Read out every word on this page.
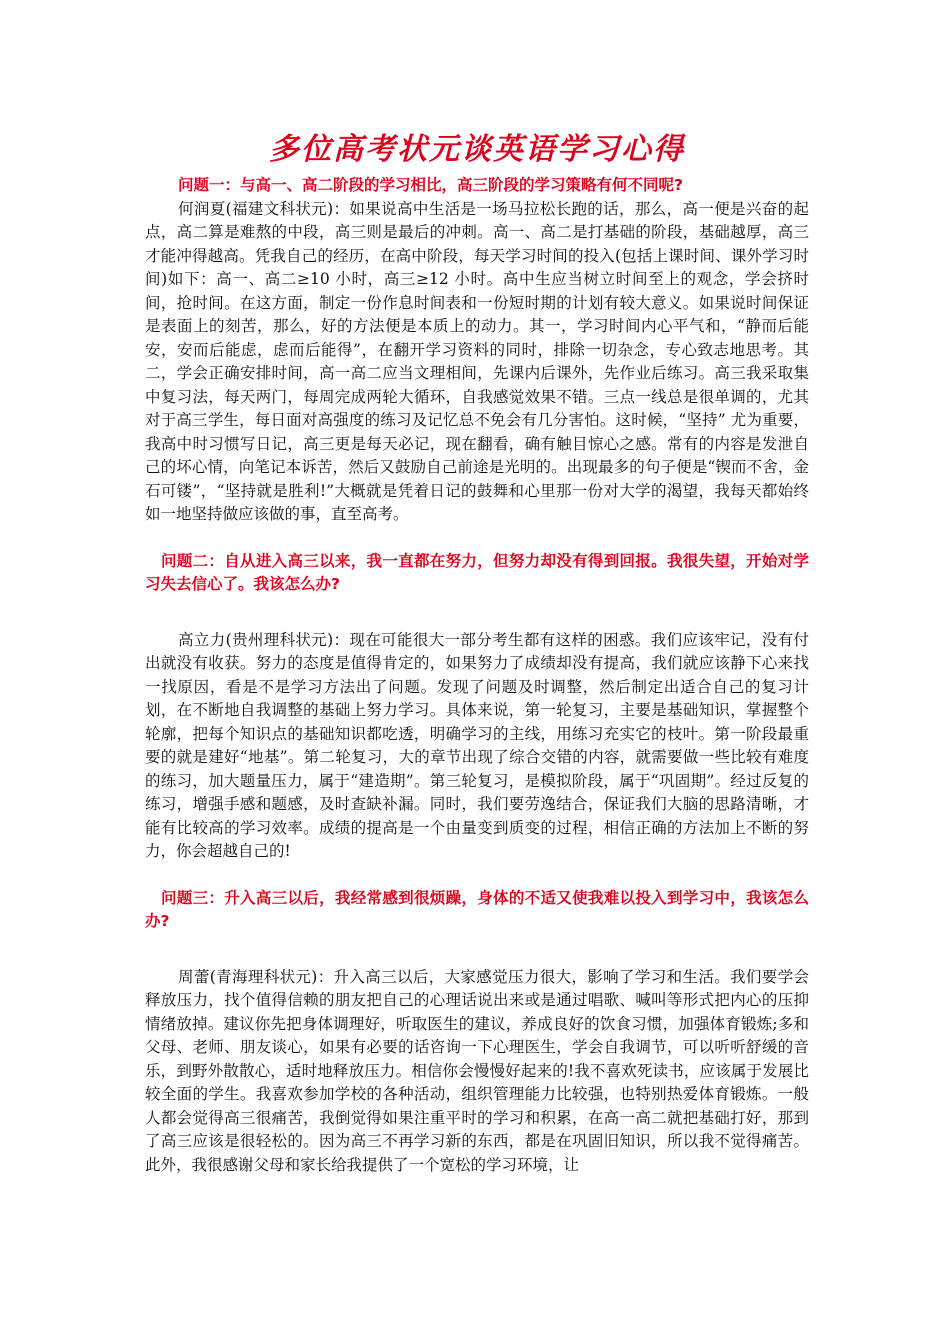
多位高考状元谈英语学习心得

问题一：与高一、高二阶段的学习相比，高三阶段的学习策略有何不同呢?

何润夏(福建文科状元)：如果说高中生活是一场马拉松长跑的话，那么，高一便是兴奋的起点，高二算是难熬的中段，高三则是最后的冲刺。高一、高二是打基础的阶段，基础越厚，高三才能冲得越高。凭我自己的经历，在高中阶段，每天学习时间的投入(包括上课时间、课外学习时间)如下：高一、高二≥10 小时，高三≥12 小时。高中生应当树立时间至上的观念，学会挤时间，抢时间。在这方面，制定一份作息时间表和一份短时期的计划有较大意义。如果说时间保证是表面上的刻苦，那么，好的方法便是本质上的动力。其一，学习时间内心平气和，“静而后能安，安而后能虑，虑而后能得”，在翻开学习资料的同时，排除一切杂念，专心致志地思考。其二，学会正确安排时间，高一高二应当文理相间，先课内后课外，先作业后练习。高三我采取集中复习法，每天两门，每周完成两轮大循环，自我感觉效果不错。三点一线总是很单调的，尤其对于高三学生，每日面对高强度的练习及记忆总不免会有几分害怕。这时候，“坚持” 尤为重要，我高中时习惯写日记，高三更是每天必记，现在翻看，确有触目惊心之感。常有的内容是发泄自己的坏心情，向笔记本诉苦，然后又鼓励自己前途是光明的。出现最多的句子便是“锲而不舍，金石可镂”，“坚持就是胜利!”大概就是凭着日记的鼓舞和心里那一份对大学的渴望，我每天都始终如一地坚持做应该做的事，直至高考。

问题二：自从进入高三以来，我一直都在努力，但努力却没有得到回报。我很失望，开始对学习失去信心了。我该怎么办?

高立力(贵州理科状元)：现在可能很大一部分考生都有这样的困惑。我们应该牢记，没有付出就没有收获。努力的态度是值得肯定的，如果努力了成绩却没有提高，我们就应该静下心来找一找原因，看是不是学习方法出了问题。发现了问题及时调整，然后制定出适合自己的复习计划，在不断地自我调整的基础上努力学习。具体来说，第一轮复习，主要是基础知识，掌握整个轮廓，把每个知识点的基础知识都吃透，明确学习的主线，用练习充实它的枝叶。第一阶段最重要的就是建好“地基”。第二轮复习，大的章节出现了综合交错的内容，就需要做一些比较有难度的练习，加大题量压力，属于“建造期”。第三轮复习，是模拟阶段，属于“巩固期”。经过反复的练习，增强手感和题感，及时查缺补漏。同时，我们要劳逸结合，保证我们大脑的思路清晰，才能有比较高的学习效率。成绩的提高是一个由量变到质变的过程，相信正确的方法加上不断的努力，你会超越自己的!

问题三：升入高三以后，我经常感到很烦躁，身体的不适又使我难以投入到学习中，我该怎么办?

周蕾(青海理科状元)：升入高三以后，大家感觉压力很大，影响了学习和生活。我们要学会释放压力，找个值得信赖的朋友把自己的心理话说出来或是通过唱歌、喊叫等形式把内心的压抑情绪放掉。建议你先把身体调理好，听取医生的建议，养成良好的饮食习惯，加强体育锻炼;多和父母、老师、朋友谈心，如果有必要的话咨询一下心理医生，学会自我调节，可以听听舒缓的音乐，到野外散散心，适时地释放压力。相信你会慢慢好起来的!我不喜欢死读书，应该属于发展比较全面的学生。我喜欢参加学校的各种活动，组织管理能力比较强，也特别热爱体育锻炼。一般人都会觉得高三很痛苦，我倒觉得如果注重平时的学习和积累，在高一高二就把基础打好，那到了高三应该是很轻松的。因为高三不再学习新的东西，都是在巩固旧知识，所以我不觉得痛苦。此外，我很感谢父母和家长给我提供了一个宽松的学习环境，让
